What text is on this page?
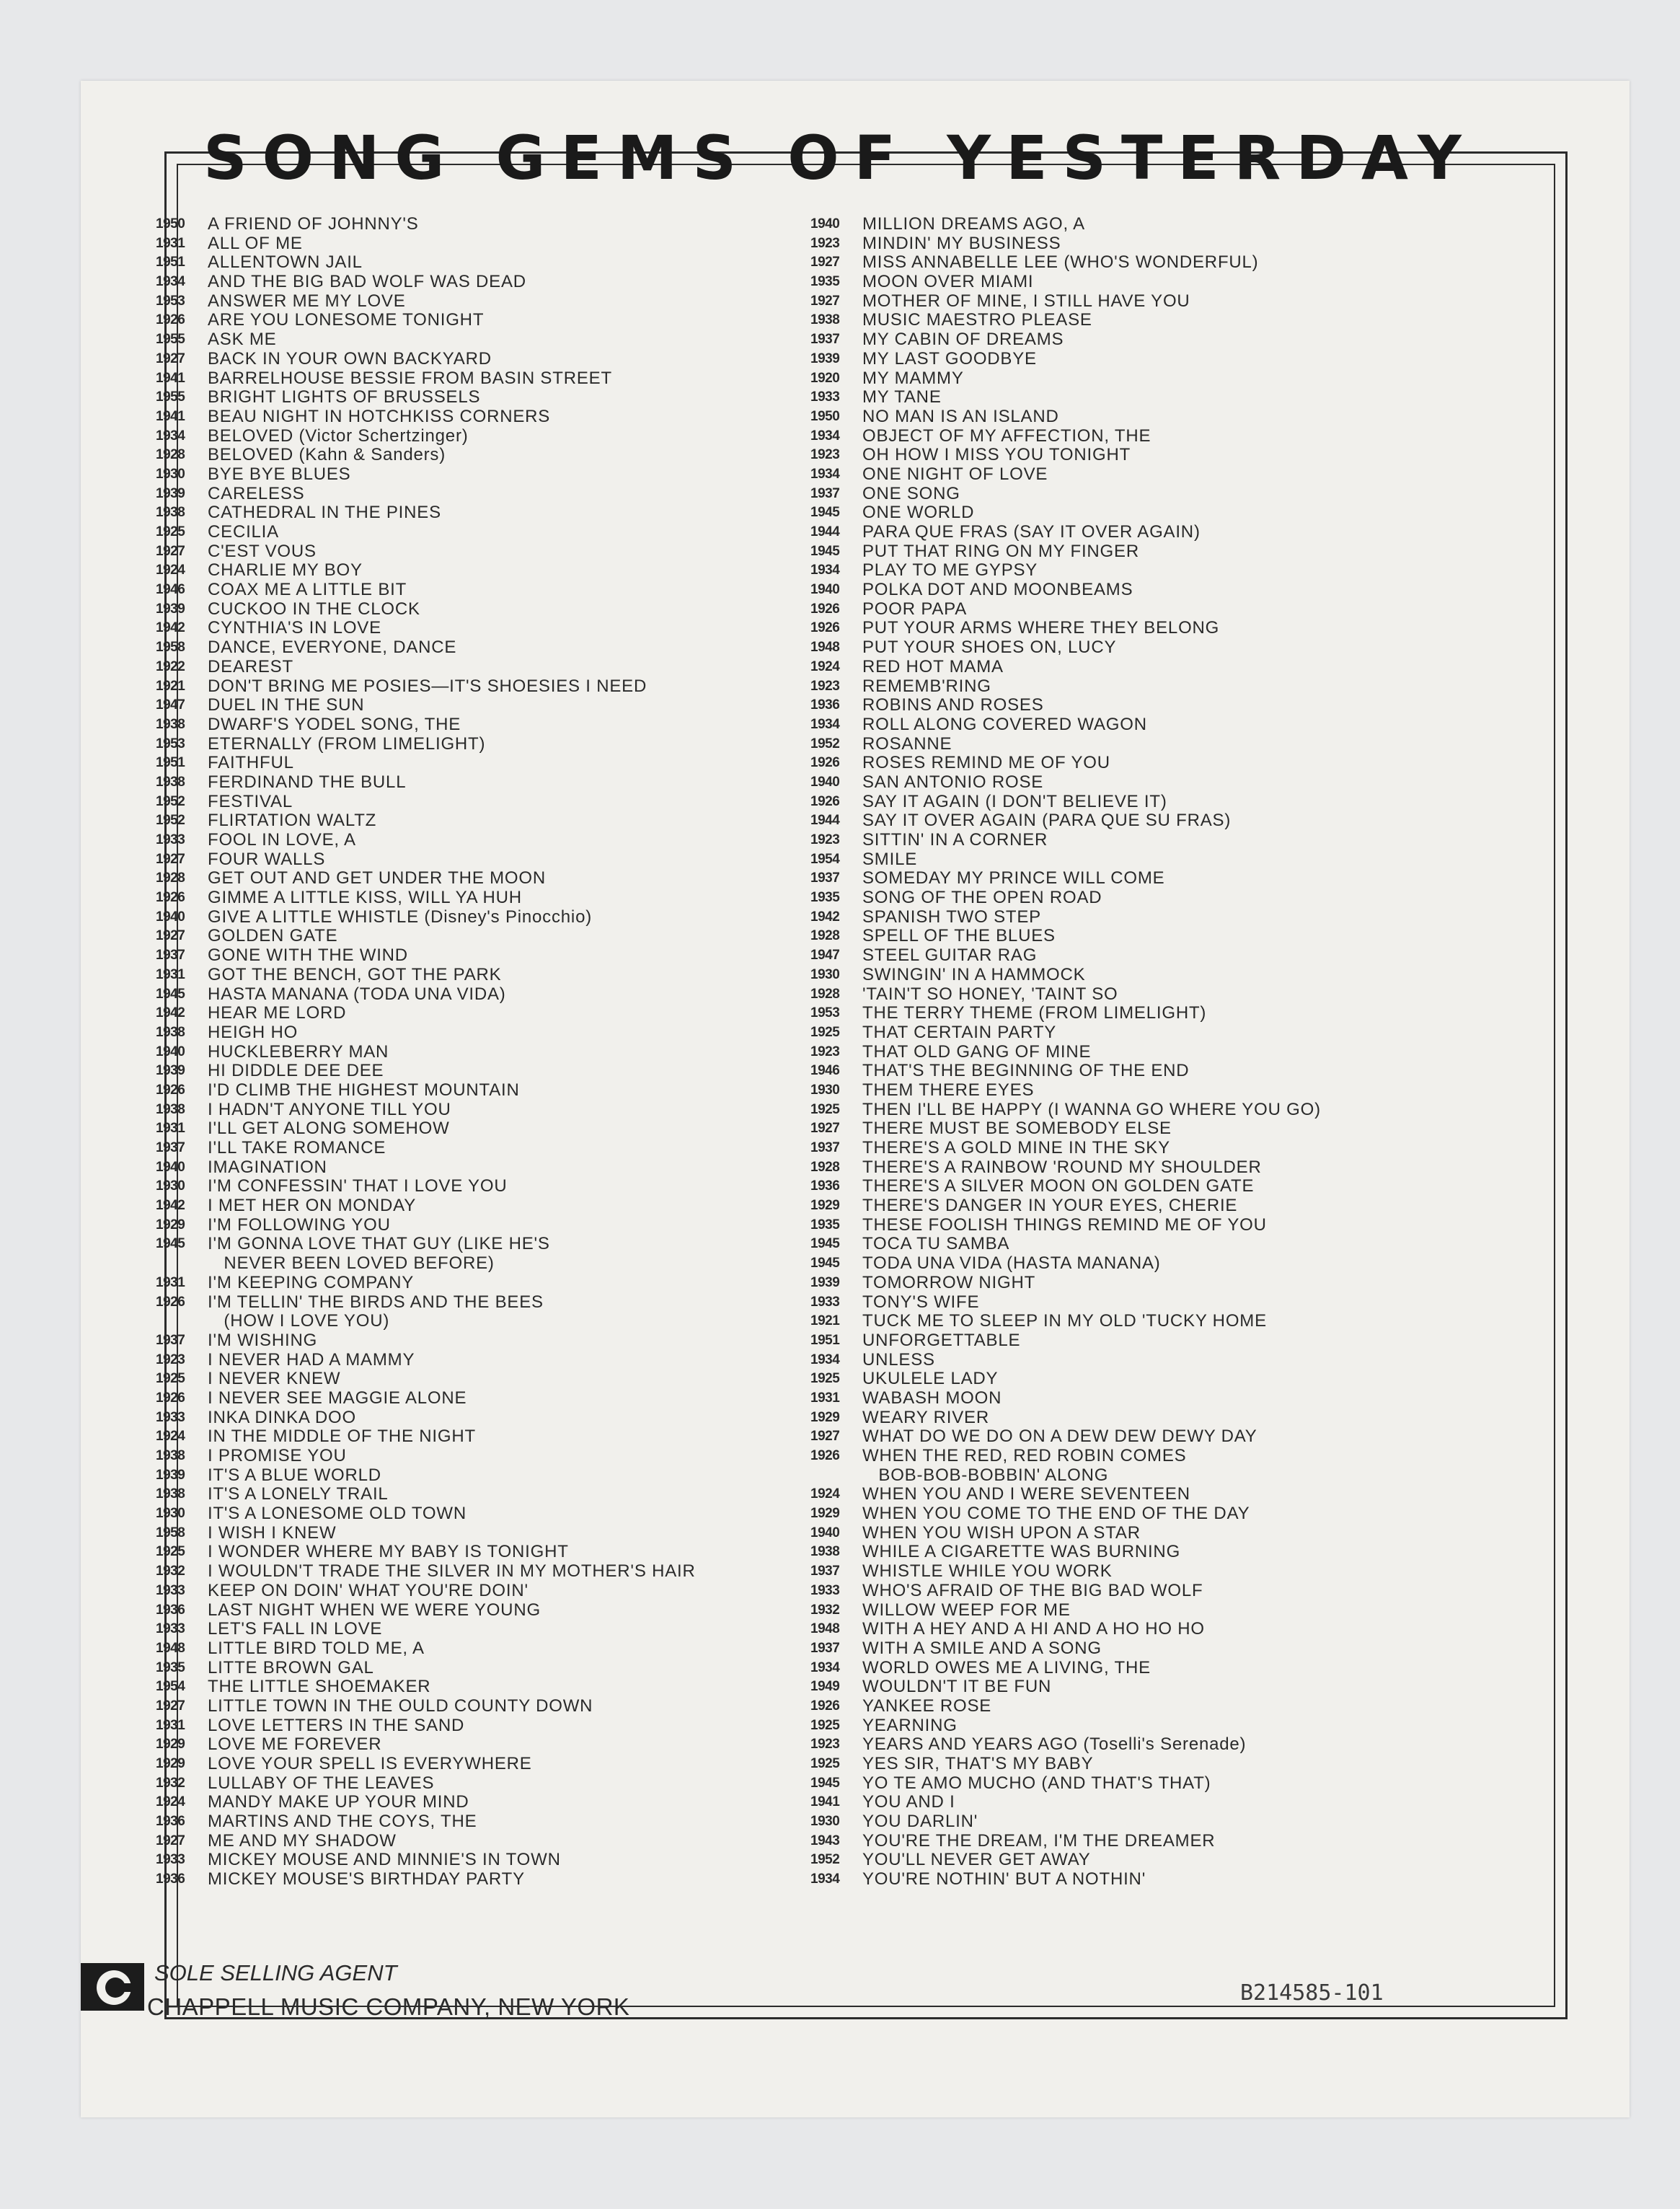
SONG GEMS OF YESTERDAY
1950	A FRIEND OF JOHNNY'S
1931	ALL OF ME
1951	ALLENTOWN JAIL
1934	AND THE BIG BAD WOLF WAS DEAD
1953	ANSWER ME MY LOVE
1926	ARE YOU LONESOME TONIGHT
1955	ASK ME
1927	BACK IN YOUR OWN BACKYARD
1941	BARRELHOUSE BESSIE FROM BASIN STREET
1955	BRIGHT LIGHTS OF BRUSSELS
1941	BEAU NIGHT IN HOTCHKISS CORNERS
1934	BELOVED (Victor Schertzinger)
1928	BELOVED (Kahn & Sanders)
1930	BYE BYE BLUES
1939	CARELESS
1938	CATHEDRAL IN THE PINES
1925	CECILIA
1927	C'EST VOUS
1924	CHARLIE MY BOY
1946	COAX ME A LITTLE BIT
1939	CUCKOO IN THE CLOCK
1942	CYNTHIA'S IN LOVE
1958	DANCE, EVERYONE, DANCE
1922	DEAREST
1921	DON'T BRING ME POSIES—IT'S SHOESIES I NEED
1947	DUEL IN THE SUN
1938	DWARF'S YODEL SONG, THE
1953	ETERNALLY (FROM LIMELIGHT)
1951	FAITHFUL
1938	FERDINAND THE BULL
1952	FESTIVAL
1952	FLIRTATION WALTZ
1933	FOOL IN LOVE, A
1927	FOUR WALLS
1928	GET OUT AND GET UNDER THE MOON
1926	GIMME A LITTLE KISS, WILL YA HUH
1940	GIVE A LITTLE WHISTLE (Disney's Pinocchio)
1927	GOLDEN GATE
1937	GONE WITH THE WIND
1931	GOT THE BENCH, GOT THE PARK
1945	HASTA MANANA (TODA UNA VIDA)
1942	HEAR ME LORD
1938	HEIGH HO
1940	HUCKLEBERRY MAN
1939	HI DIDDLE DEE DEE
1926	I'D CLIMB THE HIGHEST MOUNTAIN
1938	I HADN'T ANYONE TILL YOU
1931	I'LL GET ALONG SOMEHOW
1937	I'LL TAKE ROMANCE
1940	IMAGINATION
1930	I'M CONFESSIN' THAT I LOVE YOU
1942	I MET HER ON MONDAY
1929	I'M FOLLOWING YOU
1945	I'M GONNA LOVE THAT GUY (LIKE HE'S
NEVER BEEN LOVED BEFORE)
1931	I'M KEEPING COMPANY
1926	I'M TELLIN' THE BIRDS AND THE BEES
(HOW I LOVE YOU)
1937	I'M WISHING
1923	I NEVER HAD A MAMMY
1925	I NEVER KNEW
1926	I NEVER SEE MAGGIE ALONE
1933	INKA DINKA DOO
1924	IN THE MIDDLE OF THE NIGHT
1938	I PROMISE YOU
1939	IT'S A BLUE WORLD
1938	IT'S A LONELY TRAIL
1930	IT'S A LONESOME OLD TOWN
1958	I WISH I KNEW
1925	I WONDER WHERE MY BABY IS TONIGHT
1932	I WOULDN'T TRADE THE SILVER IN MY MOTHER'S HAIR
1933	KEEP ON DOIN' WHAT YOU'RE DOIN'
1936	LAST NIGHT WHEN WE WERE YOUNG
1933	LET'S FALL IN LOVE
1948	LITTLE BIRD TOLD ME, A
1935	LITTE BROWN GAL
1954	THE LITTLE SHOEMAKER
1927	LITTLE TOWN IN THE OULD COUNTY DOWN
1931	LOVE LETTERS IN THE SAND
1929	LOVE ME FOREVER
1929	LOVE YOUR SPELL IS EVERYWHERE
1932	LULLABY OF THE LEAVES
1924	MANDY MAKE UP YOUR MIND
1936	MARTINS AND THE COYS, THE
1927	ME AND MY SHADOW
1933	MICKEY MOUSE AND MINNIE'S IN TOWN
1936	MICKEY MOUSE'S BIRTHDAY PARTY
1940	MILLION DREAMS AGO, A
1923	MINDIN' MY BUSINESS
1927	MISS ANNABELLE LEE (WHO'S WONDERFUL)
1935	MOON OVER MIAMI
1927	MOTHER OF MINE, I STILL HAVE YOU
1938	MUSIC MAESTRO PLEASE
1937	MY CABIN OF DREAMS
1939	MY LAST GOODBYE
1920	MY MAMMY
1933	MY TANE
1950	NO MAN IS AN ISLAND
1934	OBJECT OF MY AFFECTION, THE
1923	OH HOW I MISS YOU TONIGHT
1934	ONE NIGHT OF LOVE
1937	ONE SONG
1945	ONE WORLD
1944	PARA QUE FRAS (SAY IT OVER AGAIN)
1945	PUT THAT RING ON MY FINGER
1934	PLAY TO ME GYPSY
1940	POLKA DOT AND MOONBEAMS
1926	POOR PAPA
1926	PUT YOUR ARMS WHERE THEY BELONG
1948	PUT YOUR SHOES ON, LUCY
1924	RED HOT MAMA
1923	REMEMB'RING
1936	ROBINS AND ROSES
1934	ROLL ALONG COVERED WAGON
1952	ROSANNE
1926	ROSES REMIND ME OF YOU
1940	SAN ANTONIO ROSE
1926	SAY IT AGAIN (I DON'T BELIEVE IT)
1944	SAY IT OVER AGAIN (PARA QUE SU FRAS)
1923	SITTIN' IN A CORNER
1954	SMILE
1937	SOMEDAY MY PRINCE WILL COME
1935	SONG OF THE OPEN ROAD
1942	SPANISH TWO STEP
1928	SPELL OF THE BLUES
1947	STEEL GUITAR RAG
1930	SWINGIN' IN A HAMMOCK
1928	'TAIN'T SO HONEY, 'TAINT SO
1953	THE TERRY THEME (FROM LIMELIGHT)
1925	THAT CERTAIN PARTY
1923	THAT OLD GANG OF MINE
1946	THAT'S THE BEGINNING OF THE END
1930	THEM THERE EYES
1925	THEN I'LL BE HAPPY (I WANNA GO WHERE YOU GO)
1927	THERE MUST BE SOMEBODY ELSE
1937	THERE'S A GOLD MINE IN THE SKY
1928	THERE'S A RAINBOW 'ROUND MY SHOULDER
1936	THERE'S A SILVER MOON ON GOLDEN GATE
1929	THERE'S DANGER IN YOUR EYES, CHERIE
1935	THESE FOOLISH THINGS REMIND ME OF YOU
1945	TOCA TU SAMBA
1945	TODA UNA VIDA (HASTA MANANA)
1939	TOMORROW NIGHT
1933	TONY'S WIFE
1921	TUCK ME TO SLEEP IN MY OLD 'TUCKY HOME
1951	UNFORGETTABLE
1934	UNLESS
1925	UKULELE LADY
1931	WABASH MOON
1929	WEARY RIVER
1927	WHAT DO WE DO ON A DEW DEW DEWY DAY
1926	WHEN THE RED, RED ROBIN COMES
BOB-BOB-BOBBIN' ALONG
1924	WHEN YOU AND I WERE SEVENTEEN
1929	WHEN YOU COME TO THE END OF THE DAY
1940	WHEN YOU WISH UPON A STAR
1938	WHILE A CIGARETTE WAS BURNING
1937	WHISTLE WHILE YOU WORK
1933	WHO'S AFRAID OF THE BIG BAD WOLF
1932	WILLOW WEEP FOR ME
1948	WITH A HEY AND A HI AND A HO HO HO
1937	WITH A SMILE AND A SONG
1934	WORLD OWES ME A LIVING, THE
1949	WOULDN'T IT BE FUN
1926	YANKEE ROSE
1925	YEARNING
1923	YEARS AND YEARS AGO (Toselli's Serenade)
1925	YES SIR, THAT'S MY BABY
1945	YO TE AMO MUCHO (AND THAT'S THAT)
1941	YOU AND I
1930	YOU DARLIN'
1943	YOU'RE THE DREAM, I'M THE DREAMER
1952	YOU'LL NEVER GET AWAY
1934	YOU'RE NOTHIN' BUT A NOTHIN'

SOLE SELLING AGENT

CHAPPELL MUSIC COMPANY, NEW YORK

B214585-101
